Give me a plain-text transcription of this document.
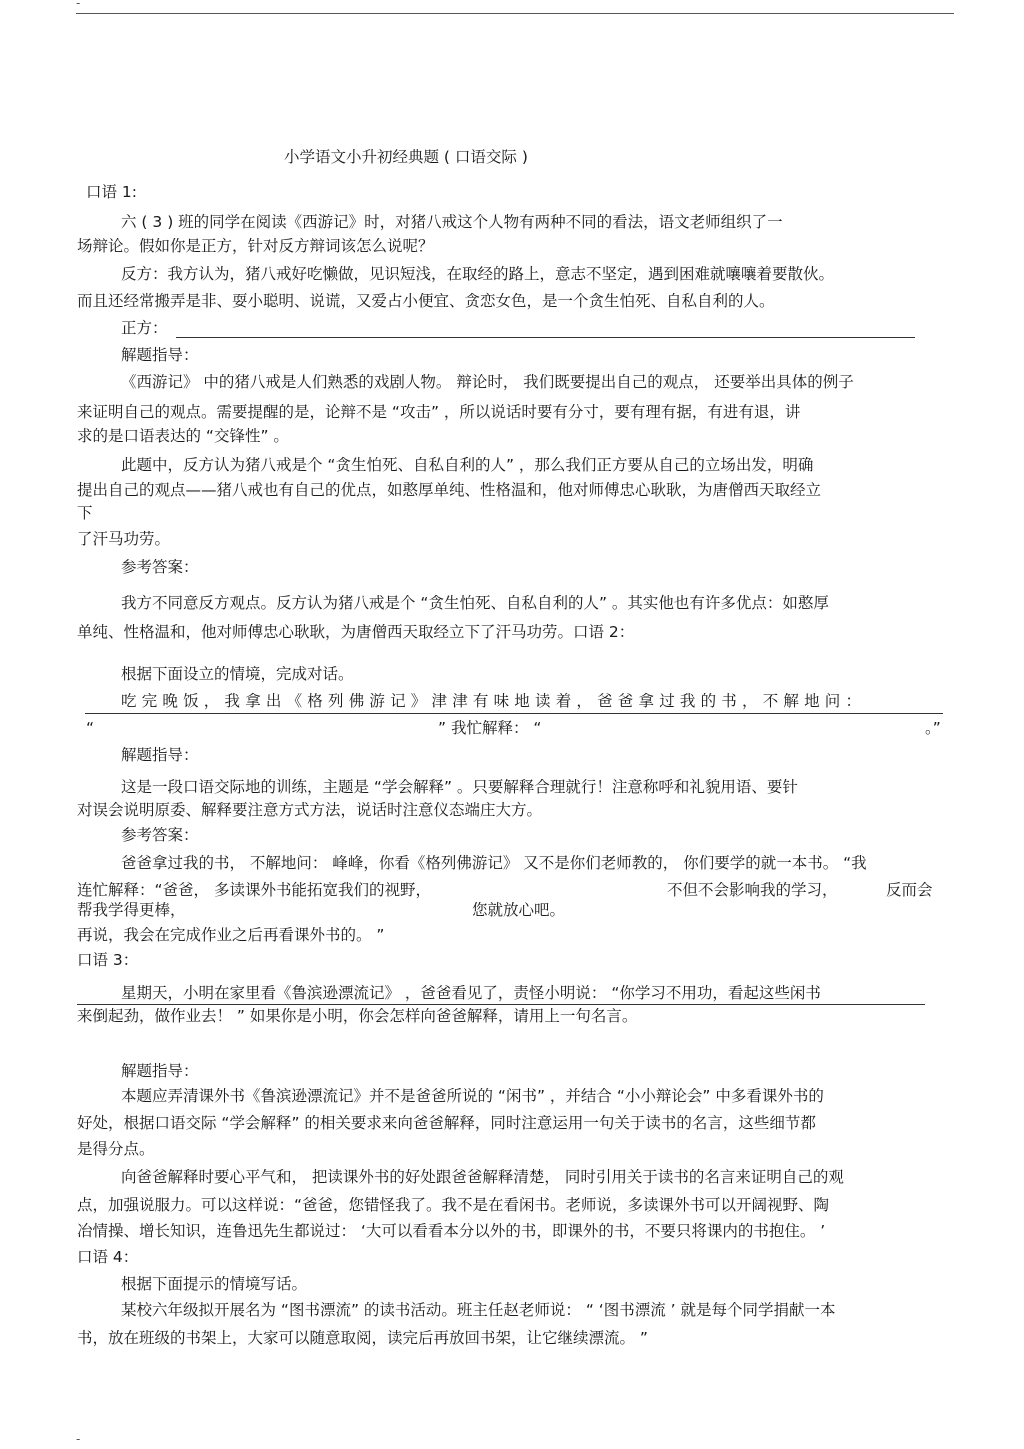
-
小学语文小升初经典题 ( 口语交际 )
口语 1:
六 ( 3 ) 班的同学在阅读《西游记》时，对猪八戒这个人物有两种不同的看法，语文老师组织了一
场辩论。假如你是正方，针对反方辩词该怎么说呢？
反方：我方认为，猪八戒好吃懒做，见识短浅，在取经的路上，意志不坚定，遇到困难就嚷嚷着要散伙。
而且还经常搬弄是非、耍小聪明、说谎，又爱占小便宜、贪恋女色，是一个贪生怕死、自私自利的人。
正方：
解题指导：
《西游记》 中的猪八戒是人们熟悉的戏剧人物。 辩论时， 我们既要提出自己的观点， 还要举出具体的例子
来证明自己的观点。需要提醒的是，论辩不是 “攻击” ，所以说话时要有分寸，要有理有据，有进有退，讲
求的是口语表达的 “交锋性” 。
此题中，反方认为猪八戒是个 “贪生怕死、自私自利的人” ，那么我们正方要从自己的立场出发，明确
提出自己的观点——猪八戒也有自己的优点，如憨厚单纯、性格温和，他对师傅忠心耿耿，为唐僧西天取经立
下
了汗马功劳。
参考答案：
我方不同意反方观点。反方认为猪八戒是个 “贪生怕死、自私自利的人” 。其实他也有许多优点：如憨厚
单纯、性格温和，他对师傅忠心耿耿，为唐僧西天取经立下了汗马功劳。口语 2：
根据下面设立的情境，完成对话。
吃完晚饭，我拿出《格列佛游记》津津有味地读着，爸爸拿过我的书，不解地问：
“	” 我忙解释： “	。”
解题指导：
这是一段口语交际地的训练，主题是 “学会解释” 。只要解释合理就行！注意称呼和礼貌用语、要针
对误会说明原委、解释要注意方式方法，说话时注意仪态端庄大方。
参考答案：
爸爸拿过我的书， 不解地问： 峰峰，你看《格列佛游记》 又不是你们老师教的， 你们要学的就一本书。 “我
连忙解释：“爸爸， 多读课外书能拓宽我们的视野，	不但不会影响我的学习，	反而会
帮我学得更棒，	您就放心吧。
再说，我会在完成作业之后再看课外书的。 ”
口语 3：
星期天，小明在家里看《鲁滨逊漂流记》 ，爸爸看见了，责怪小明说： “你学习不用功，看起这些闲书
来倒起劲，做作业去！ ” 如果你是小明，你会怎样向爸爸解释，请用上一句名言。
解题指导：
本题应弄清课外书《鲁滨逊漂流记》并不是爸爸所说的 “闲书” ，并结合 “小小辩论会” 中多看课外书的
好处，根据口语交际 “学会解释” 的相关要求来向爸爸解释，同时注意运用一句关于读书的名言，这些细节都
是得分点。
向爸爸解释时要心平气和， 把读课外书的好处跟爸爸解释清楚， 同时引用关于读书的名言来证明自己的观
点，加强说服力。可以这样说：“爸爸，您错怪我了。我不是在看闲书。老师说，多读课外书可以开阔视野、陶
冶情操、增长知识，连鲁迅先生都说过： ‘大可以看看本分以外的书，即课外的书，不要只将课内的书抱住。 ’
口语 4：
根据下面提示的情境写话。
某校六年级拟开展名为 “图书漂流” 的读书活动。班主任赵老师说： “ ‘图书漂流 ’ 就是每个同学捐献一本
书，放在班级的书架上，大家可以随意取阅，读完后再放回书架，让它继续漂流。 ”
-
